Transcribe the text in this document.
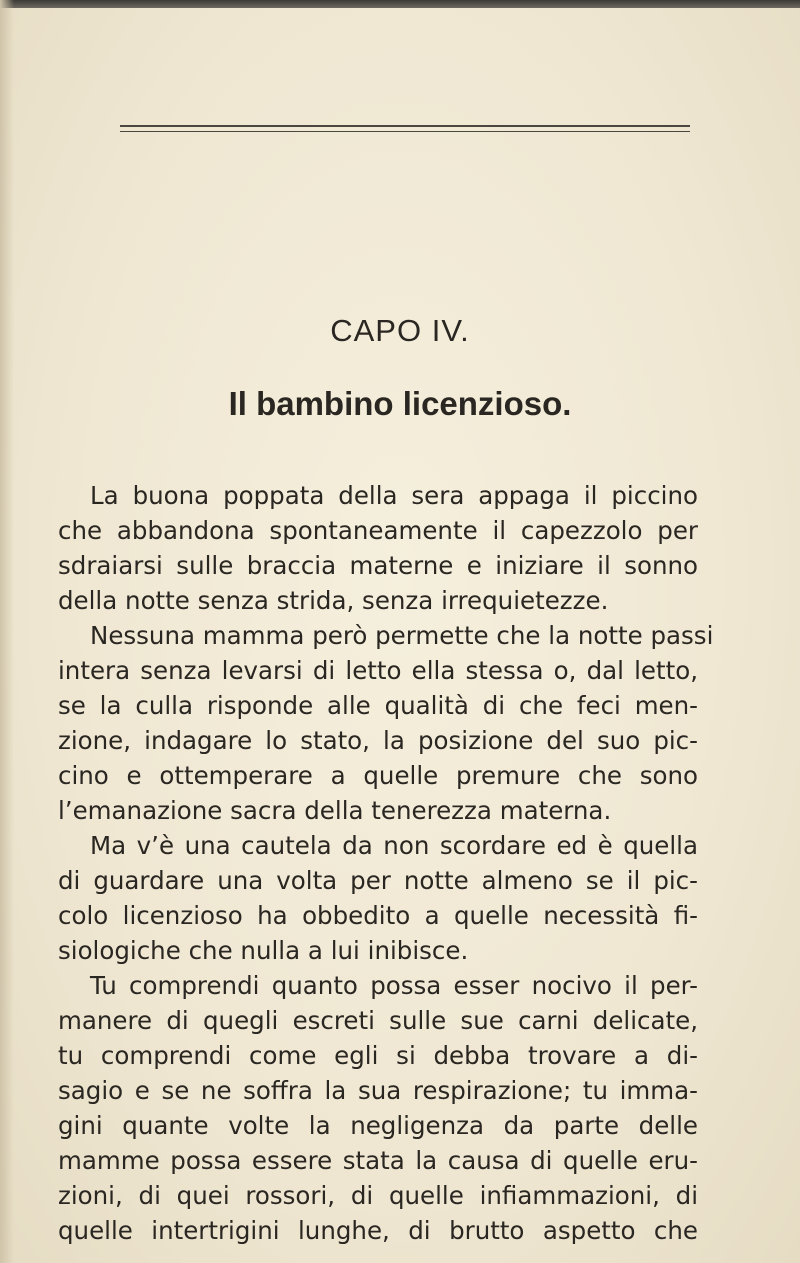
CAPO IV.
Il bambino licenzioso.
La buona poppata della sera appaga il piccino
che abbandona spontaneamente il capezzolo per
sdraiarsi sulle braccia materne e iniziare il sonno
della notte senza strida, senza irrequietezze.
Nessuna mamma però permette che la notte passi
intera senza levarsi di letto ella stessa o, dal letto,
se la culla risponde alle qualità di che feci men-
zione, indagare lo stato, la posizione del suo pic-
cino e ottemperare a quelle premure che sono
l’emanazione sacra della tenerezza materna.
Ma v’è una cautela da non scordare ed è quella
di guardare una volta per notte almeno se il pic-
colo licenzioso ha obbedito a quelle necessità fi-
siologiche che nulla a lui inibisce.
Tu comprendi quanto possa esser nocivo il per-
manere di quegli escreti sulle sue carni delicate,
tu comprendi come egli si debba trovare a di-
sagio e se ne soffra la sua respirazione; tu imma-
gini quante volte la negligenza da parte delle
mamme possa essere stata la causa di quelle eru-
zioni, di quei rossori, di quelle infiammazioni, di
quelle intertrigini lunghe, di brutto aspetto che
